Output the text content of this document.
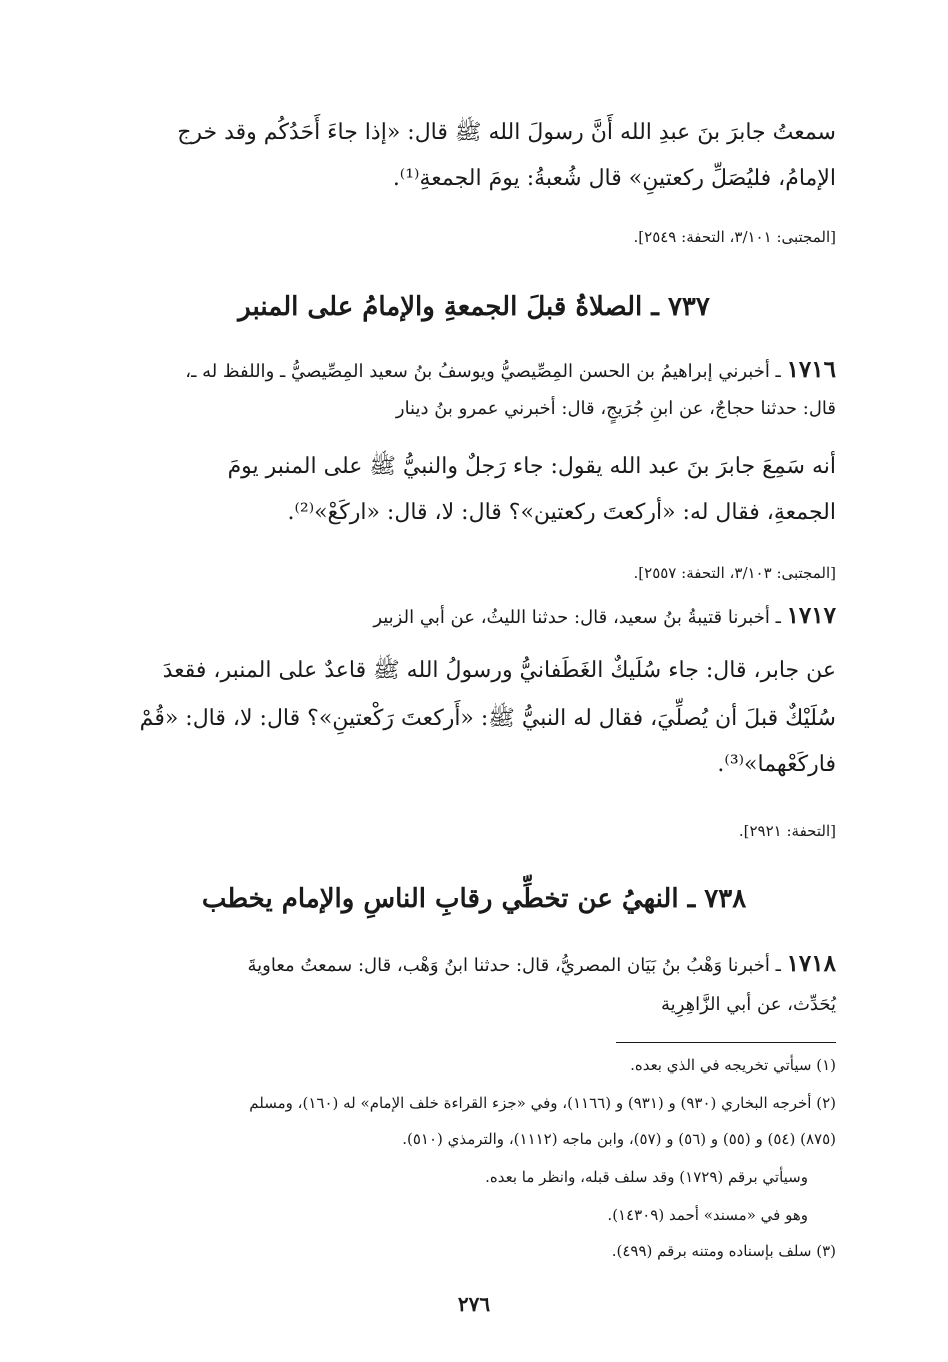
سمعتُ جابرَ بنَ عبدِ الله أَنَّ رسولَ الله ﷺ قال: «إذا جاءَ أَحَدُكُم وقد خرج
الإمامُ، فليُصَلِّ ركعتينِ» قال شُعبةُ: يومَ الجمعةِ⁽¹⁾.
[المجتبى: ٣/١٠١، التحفة: ٢٥٤٩].
٧٣٧ ـ الصلاةُ قبلَ الجمعةِ والإمامُ على المنبر
١٧١٦ ـ أخبرني إبراهيمُ بن الحسن المِصِّيصيُّ ويوسفُ بنُ سعيد المِصِّيصيُّ ـ واللفظ له ـ،
قال: حدثنا حجاجٌ، عن ابنِ جُرَيجٍ، قال: أخبرني عمرو بنُ دينار
أنه سَمِعَ جابرَ بنَ عبد الله يقول: جاء رَجلٌ والنبيُّ ﷺ على المنبر يومَ
الجمعةِ، فقال له: «أركعتَ ركعتين»؟ قال: لا، قال: «اركَعْ»⁽²⁾.
[المجتبى: ٣/١٠٣، التحفة: ٢٥٥٧].
١٧١٧ ـ أخبرنا قتيبةُ بنُ سعيد، قال: حدثنا الليثُ، عن أبي الزبير
عن جابر، قال: جاء سُلَيكٌ الغَطَفانيُّ ورسولُ الله ﷺ قاعدٌ على المنبر، فقعدَ
سُلَيْكٌ قبلَ أن يُصلِّيَ، فقال له النبيُّ ﷺ: «أَركعتَ رَكْعتينِ»؟ قال: لا، قال: «قُمْ
فاركَعْهما»⁽³⁾.
[التحفة: ٢٩٢١].
٧٣٨ ـ النهيُ عن تخطِّي رقابِ الناسِ والإمام يخطب
١٧١٨ ـ أخبرنا وَهْبُ بنُ بَيَان المصريُّ، قال: حدثنا ابنُ وَهْب، قال: سمعتُ معاويةَ
يُحَدِّث، عن أبي الزَّاهِرِية
(١) سيأتي تخريجه في الذي بعده.
(٢) أخرجه البخاري (٩٣٠) و (٩٣١) و (١١٦٦)، وفي «جزء القراءة خلف الإمام» له (١٦٠)، ومسلم
(٨٧٥) (٥٤) و (٥٥) و (٥٦) و (٥٧)، وابن ماجه (١١١٢)، والترمذي (٥١٠).
وسيأتي برقم (١٧٢٩) وقد سلف قبله، وانظر ما بعده.
وهو في «مسند» أحمد (١٤٣٠٩).
(٣) سلف بإسناده ومتنه برقم (٤٩٩).
٢٧٦
